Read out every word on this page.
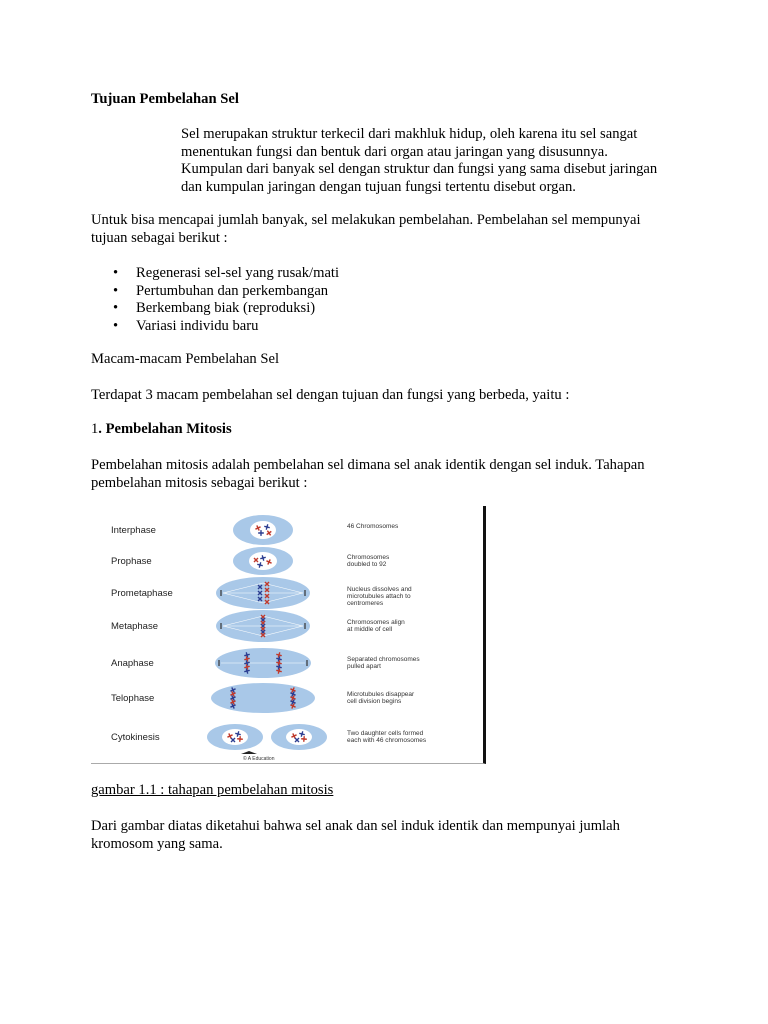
Tujuan Pembelahan Sel
Sel merupakan struktur terkecil dari makhluk hidup, oleh karena itu sel sangat
menentukan fungsi dan bentuk dari organ atau jaringan yang disusunnya.
Kumpulan dari banyak sel dengan struktur dan fungsi yang sama disebut jaringan
dan kumpulan jaringan dengan tujuan fungsi tertentu disebut organ.
Untuk bisa mencapai jumlah banyak, sel melakukan pembelahan. Pembelahan sel mempunyai
tujuan sebagai berikut :
• Regenerasi sel-sel yang rusak/mati
• Pertumbuhan dan perkembangan
• Berkembang biak (reproduksi)
• Variasi individu baru
Macam-macam Pembelahan Sel
Terdapat 3 macam pembelahan sel dengan tujuan dan fungsi yang berbeda, yaitu :
1. Pembelahan Mitosis
Pembelahan mitosis adalah pembelahan sel dimana sel anak identik dengan sel induk. Tahapan
pembelahan mitosis sebagai berikut :
Interphase	46 Chromosomes
Prophase	Chromosomes
doubled to 92
Prometaphase	Nucleus dissolves and
microtubules attach to
centromeres
Metaphase	Chromosomes align
at middle of cell
Anaphase	Separated chromosomes
pulled apart
Telophase	Microtubules disappear
cell division begins
Cytokinesis	Two daughter cells formed
each with 46 chromosomes
© A Education
gambar 1.1 : tahapan pembelahan mitosis
Dari gambar diatas diketahui bahwa sel anak dan sel induk identik dan mempunyai jumlah
kromosom yang sama.
